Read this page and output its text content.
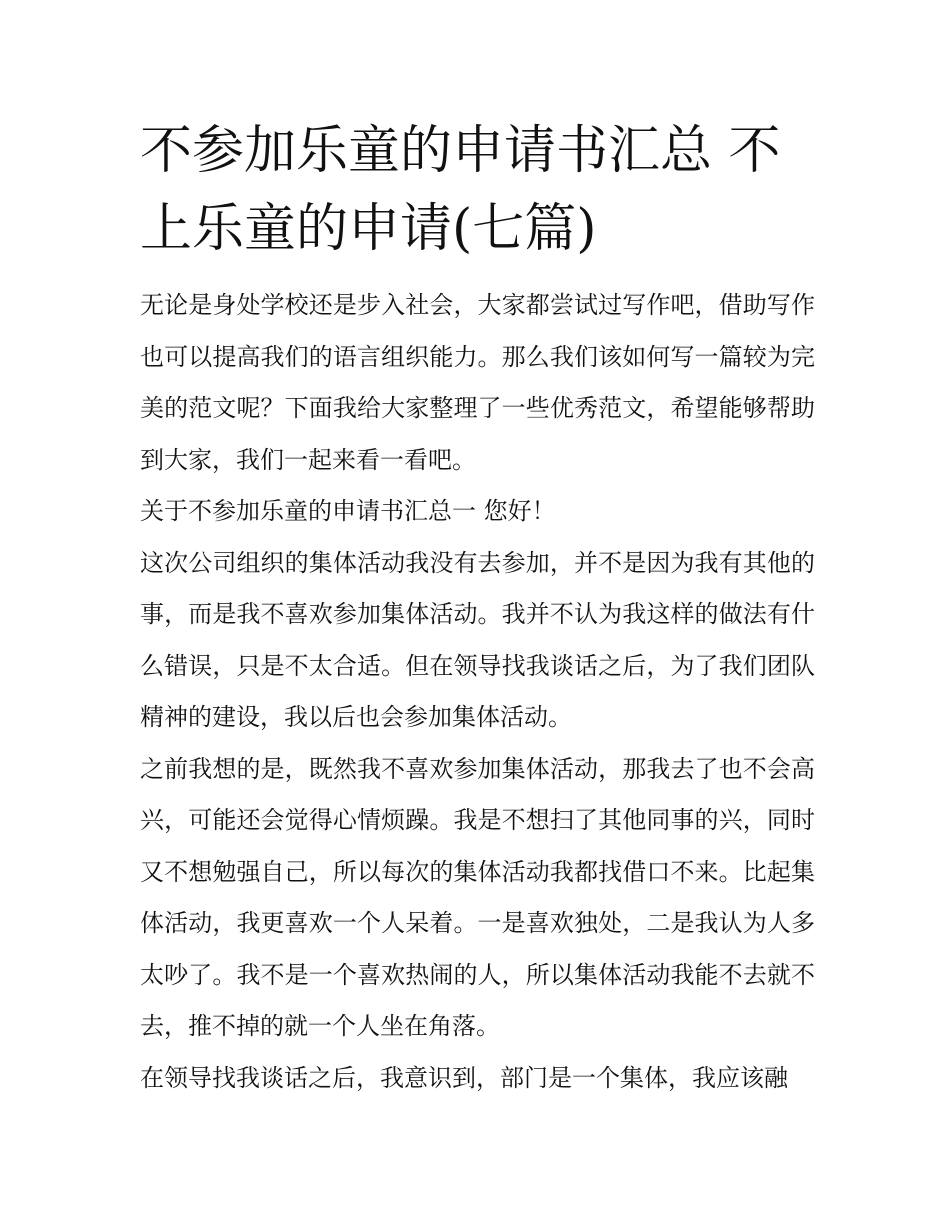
不参加乐童的申请书汇总 不上乐童的申请(七篇)

无论是身处学校还是步入社会，大家都尝试过写作吧，借助写作也可以提高我们的语言组织能力。那么我们该如何写一篇较为完美的范文呢？下面我给大家整理了一些优秀范文，希望能够帮助到大家，我们一起来看一看吧。

关于不参加乐童的申请书汇总一 您好！

这次公司组织的集体活动我没有去参加，并不是因为我有其他的事，而是我不喜欢参加集体活动。我并不认为我这样的做法有什么错误，只是不太合适。但在领导找我谈话之后，为了我们团队精神的建设，我以后也会参加集体活动。

之前我想的是，既然我不喜欢参加集体活动，那我去了也不会高兴，可能还会觉得心情烦躁。我是不想扫了其他同事的兴，同时又不想勉强自己，所以每次的集体活动我都找借口不来。比起集体活动，我更喜欢一个人呆着。一是喜欢独处，二是我认为人多太吵了。我不是一个喜欢热闹的人，所以集体活动我能不去就不去，推不掉的就一个人坐在角落。

在领导找我谈话之后，我意识到，部门是一个集体，我应该融
